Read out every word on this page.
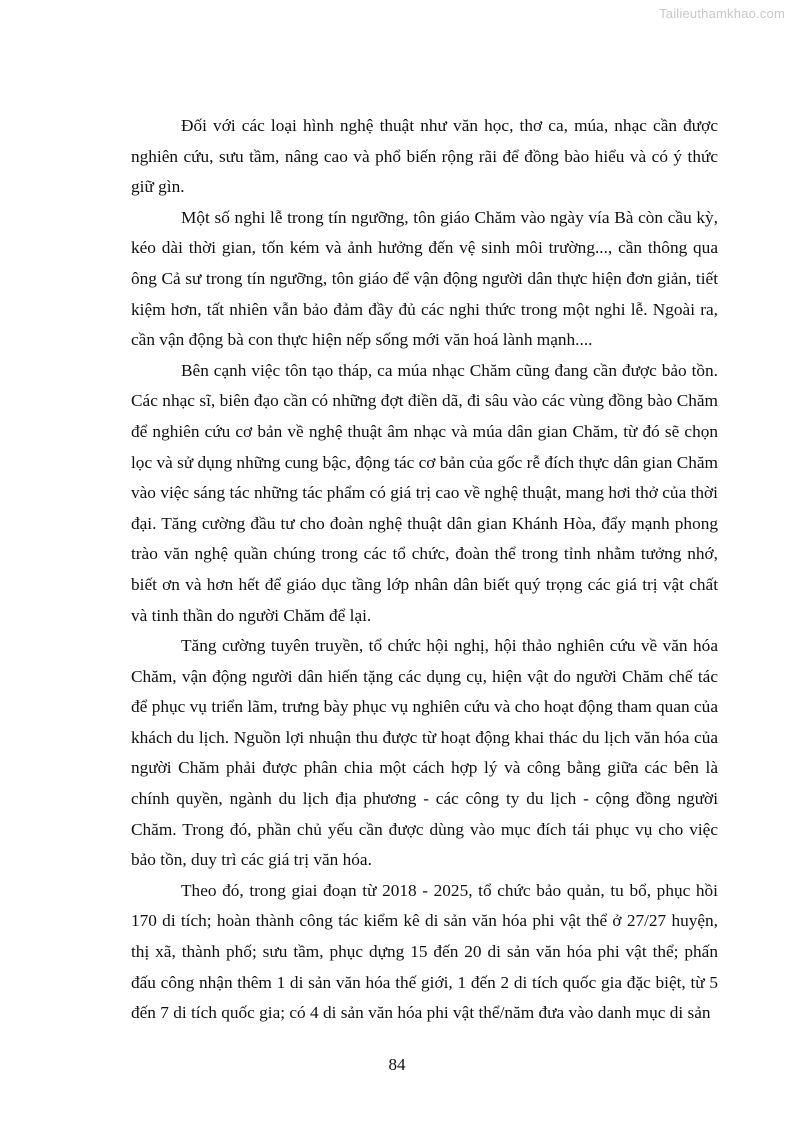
Tailieuthamkhao.com

Đối với các loại hình nghệ thuật như văn học, thơ ca, múa, nhạc cần được nghiên cứu, sưu tầm, nâng cao và phổ biến rộng rãi để đồng bào hiểu và có ý thức giữ gìn.

Một số nghi lễ trong tín ngưỡng, tôn giáo Chăm vào ngày vía Bà còn cầu kỳ, kéo dài thời gian, tốn kém và ảnh hưởng đến vệ sinh môi trường..., cần thông qua ông Cả sư trong tín ngưỡng, tôn giáo để vận động người dân thực hiện đơn giản, tiết kiệm hơn, tất nhiên vẫn bảo đảm đầy đủ các nghi thức trong một nghi lễ. Ngoài ra, cần vận động bà con thực hiện nếp sống mới văn hoá lành mạnh....

Bên cạnh việc tôn tạo tháp, ca múa nhạc Chăm cũng đang cần được bảo tồn. Các nhạc sĩ, biên đạo cần có những đợt điền dã, đi sâu vào các vùng đồng bào Chăm để nghiên cứu cơ bản về nghệ thuật âm nhạc và múa dân gian Chăm, từ đó sẽ chọn lọc và sử dụng những cung bậc, động tác cơ bản của gốc rễ đích thực dân gian Chăm vào việc sáng tác những tác phẩm có giá trị cao về nghệ thuật, mang hơi thở của thời đại. Tăng cường đầu tư cho đoàn nghệ thuật dân gian Khánh Hòa, đẩy mạnh phong trào văn nghệ quần chúng trong các tổ chức, đoàn thể trong tỉnh nhằm tưởng nhớ, biết ơn và hơn hết để giáo dục tầng lớp nhân dân biết quý trọng các giá trị vật chất và tinh thần do người Chăm để lại.

Tăng cường tuyên truyền, tổ chức hội nghị, hội thảo nghiên cứu về văn hóa Chăm, vận động người dân hiến tặng các dụng cụ, hiện vật do người Chăm chế tác để phục vụ triển lãm, trưng bày phục vụ nghiên cứu và cho hoạt động tham quan của khách du lịch. Nguồn lợi nhuận thu được từ hoạt động khai thác du lịch văn hóa của người Chăm phải được phân chia một cách hợp lý và công bằng giữa các bên là chính quyền, ngành du lịch địa phương - các công ty du lịch - cộng đồng người Chăm. Trong đó, phần chủ yếu cần được dùng vào mục đích tái phục vụ cho việc bảo tồn, duy trì các giá trị văn hóa.

Theo đó, trong giai đoạn từ 2018 - 2025, tổ chức bảo quản, tu bổ, phục hồi 170 di tích; hoàn thành công tác kiểm kê di sản văn hóa phi vật thể ở 27/27 huyện, thị xã, thành phố; sưu tầm, phục dựng 15 đến 20 di sản văn hóa phi vật thể; phấn đấu công nhận thêm 1 di sản văn hóa thế giới, 1 đến 2 di tích quốc gia đặc biệt, từ 5 đến 7 di tích quốc gia; có 4 di sản văn hóa phi vật thể/năm đưa vào danh mục di sản

84
